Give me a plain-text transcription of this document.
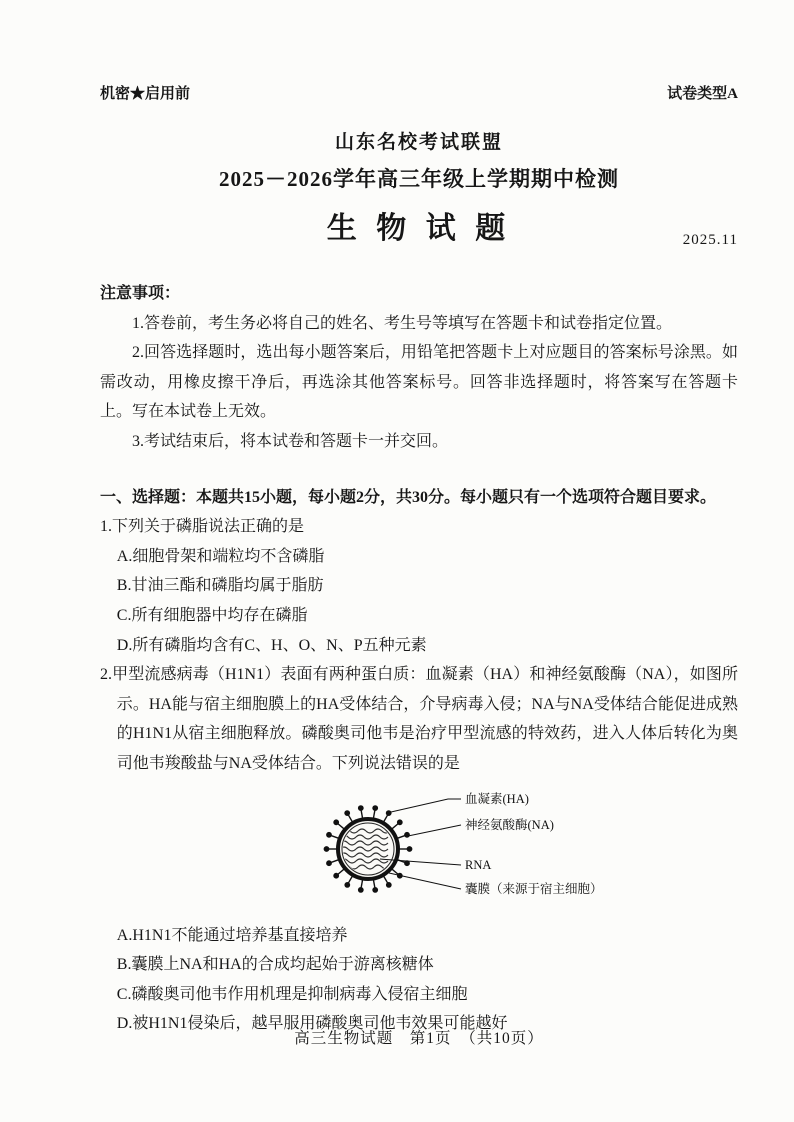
机密★启用前	试卷类型A
山东名校考试联盟
2025－2026学年高三年级上学期期中检测
生 物 试 题	2025.11
注意事项：

1.答卷前，考生务必将自己的姓名、考生号等填写在答题卡和试卷指定位置。

2.回答选择题时，选出每小题答案后，用铅笔把答题卡上对应题目的答案标号涂黑。如需改动，用橡皮擦干净后，再选涂其他答案标号。回答非选择题时，将答案写在答题卡上。写在本试卷上无效。

3.考试结束后，将本试卷和答题卡一并交回。

一、选择题：本题共15小题，每小题2分，共30分。每小题只有一个选项符合题目要求。
1.下列关于磷脂说法正确的是
A.细胞骨架和端粒均不含磷脂
B.甘油三酯和磷脂均属于脂肪
C.所有细胞器中均存在磷脂
D.所有磷脂均含有C、H、O、N、P五种元素
2.甲型流感病毒（H1N1）表面有两种蛋白质：血凝素（HA）和神经氨酸酶（NA），如图所示。HA能与宿主细胞膜上的HA受体结合，介导病毒入侵；NA与NA受体结合能促进成熟的H1N1从宿主细胞释放。磷酸奥司他韦是治疗甲型流感的特效药，进入人体后转化为奥司他韦羧酸盐与NA受体结合。下列说法错误的是
血凝素(HA)
神经氨酸酶(NA)
RNA
囊膜（来源于宿主细胞）
A.H1N1不能通过培养基直接培养
B.囊膜上NA和HA的合成均起始于游离核糖体
C.磷酸奥司他韦作用机理是抑制病毒入侵宿主细胞
D.被H1N1侵染后，越早服用磷酸奥司他韦效果可能越好
高三生物试题　第1页　（共10页）
